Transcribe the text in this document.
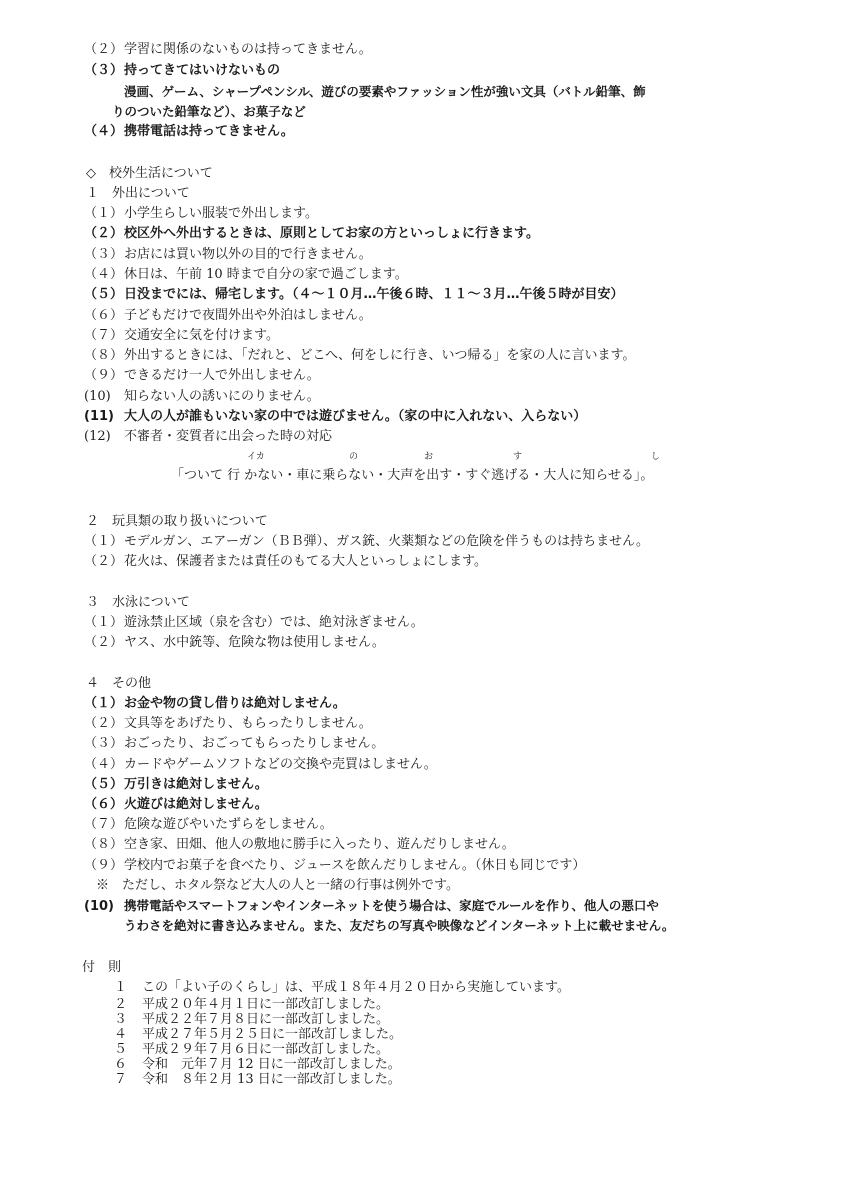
（２）学習に関係のないものは持ってきません。
（３）持ってきてはいけないもの
漫画、ゲーム、シャープペンシル、遊びの要素やファッション性が強い文具（バトル鉛筆、飾
りのついた鉛筆など）、お菓子など
（４）携帯電話は持ってきません。
◇　校外生活について
１　外出について
（１）小学生らしい服装で外出します。
（２）校区外へ外出するときは、原則としてお家の方といっしょに行きます。
（３）お店には買い物以外の目的で行きません。
（４）休日は、午前 10 時まで自分の家で過ごします。
（５）日没までには、帰宅します。（４～１０月…午後６時、１１～３月…午後５時が目安）
（６）子どもだけで夜間外出や外泊はしません。
（７）交通安全に気を付けます。
（８）外出するときには、「だれと、どこへ、何をしに行き、いつ帰る」を家の人に言います。
（９）できるだけ一人で外出しません。
(10) 知らない人の誘いにのりません。
(11) 大人の人が誰もいない家の中では遊びません。（家の中に入れない、入らない）
(12) 不審者・変質者に出会った時の対応
イカ	の	お	す	し
「ついて 行 かない・車に乗らない・大声を出す・すぐ逃げる・大人に知らせる」。
２　玩具類の取り扱いについて
（１）モデルガン、エアーガン（ＢＢ弾）、ガス銃、火薬類などの危険を伴うものは持ちません。
（２）花火は、保護者または責任のもてる大人といっしょにします。
３　水泳について
（１）遊泳禁止区域（泉を含む）では、絶対泳ぎません。
（２）ヤス、水中銃等、危険な物は使用しません。
４　その他
（１）お金や物の貸し借りは絶対しません。
（２）文具等をあげたり、もらったりしません。
（３）おごったり、おごってもらったりしません。
（４）カードやゲームソフトなどの交換や売買はしません。
（５）万引きは絶対しません。
（６）火遊びは絶対しません。
（７）危険な遊びやいたずらをしません。
（８）空き家、田畑、他人の敷地に勝手に入ったり、遊んだりしません。
（９）学校内でお菓子を食べたり、ジュースを飲んだりしません。（休日も同じです）
※　ただし、ホタル祭など大人の人と一緒の行事は例外です。
(10) 携帯電話やスマートフォンやインターネットを使う場合は、家庭でルールを作り、他人の悪口や
うわさを絶対に書き込みません。また、友だちの写真や映像などインターネット上に載せません。
付　則
１ この「よい子のくらし」は、平成１８年４月２０日から実施しています。
２ 平成２０年４月１日に一部改訂しました。
３ 平成２２年７月８日に一部改訂しました。
４ 平成２７年５月２５日に一部改訂しました。
５ 平成２９年７月６日に一部改訂しました。
６ 令和　元年７月 12 日に一部改訂しました。
７ 令和　８年２月 13 日に一部改訂しました。
